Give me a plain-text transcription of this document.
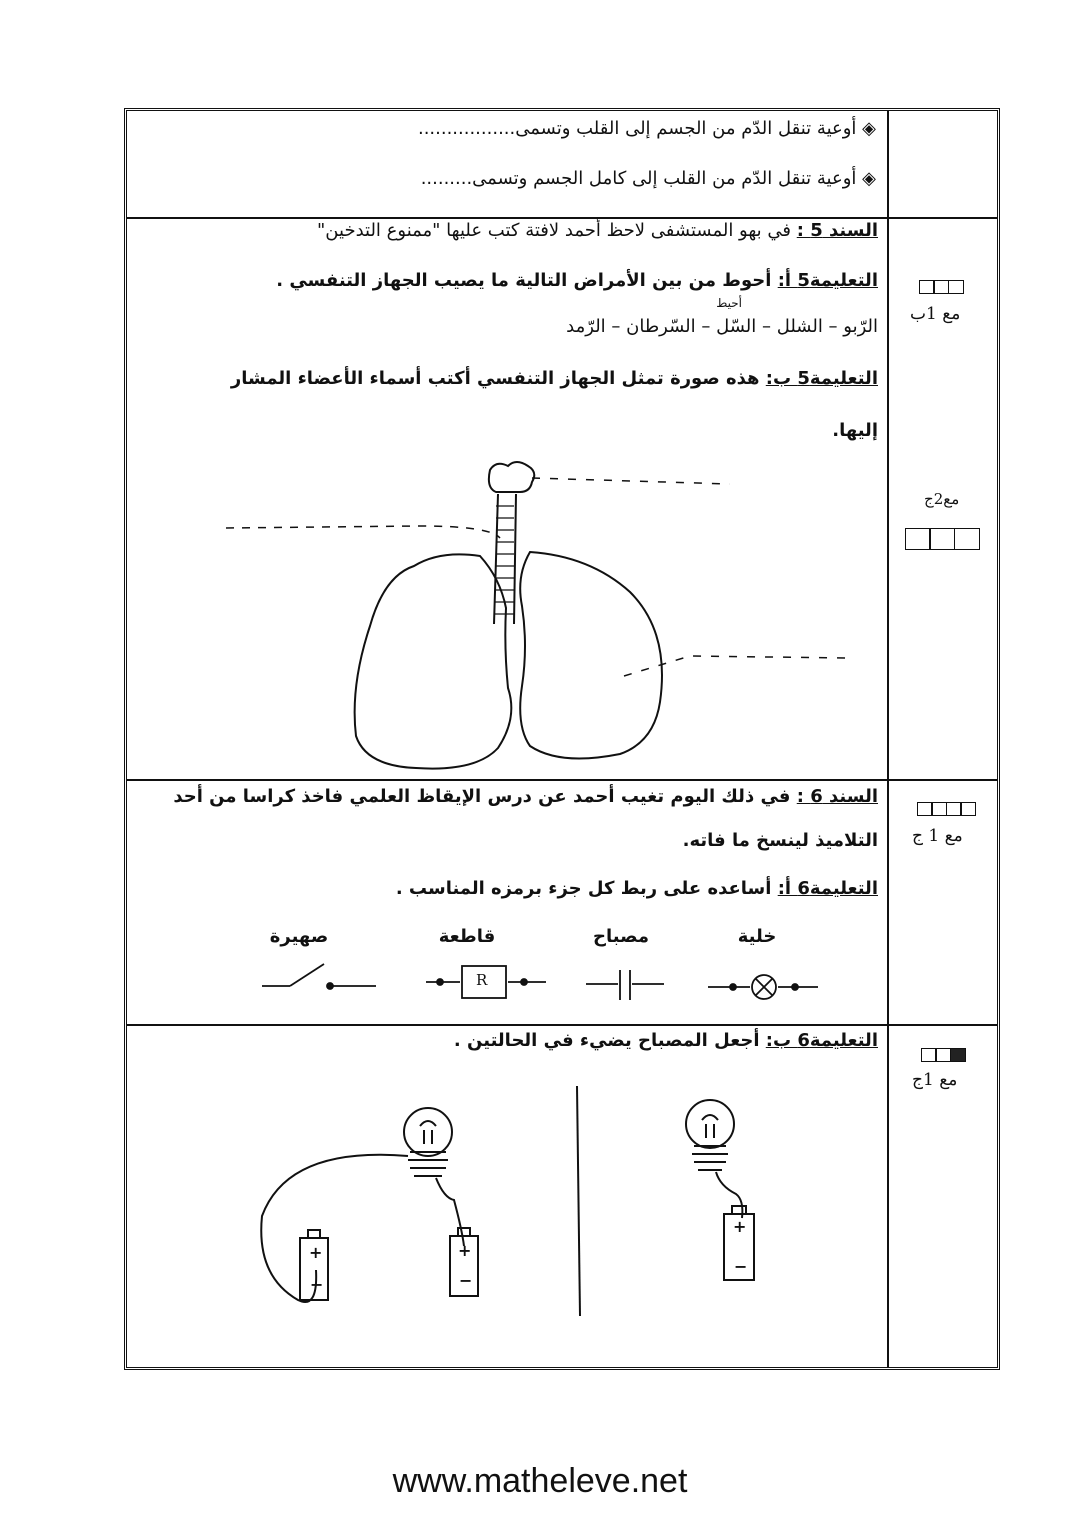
◈ أوعية تنقل الدّم من الجسم إلى القلب وتسمى.................
◈ أوعية تنقل الدّم من القلب إلى كامل الجسم وتسمى.........
السند 5 : في بهو المستشفى لاحظ أحمد لافتة كتب عليها "ممنوع التدخين"
التعليمة5 أ: أحوط من بين الأمراض التالية ما يصيب الجهاز التنفسي .
أحيط
الرّبو – الشلل – السّل – السّرطان – الرّمد
التعليمة5 ب: هذه صورة تمثل الجهاز التنفسي أكتب أسماء الأعضاء المشار
إليها.
مع 1ب
مع2ج
السند 6 : في ذلك اليوم تغيب أحمد عن درس الإيقاظ العلمي فاخذ كراسا من أحد
التلاميذ لينسخ ما فاته.
التعليمة6 أ: أساعده على ربط كل جزء برمزه المناسب .
مع 1 ج
خلية
مصباح
قاطعة
صهيرة
R
التعليمة6 ب: أجعل المصباح يضيء في الحالتين .
مع 1ج
+
−
+
−
+
−
www.matheleve.net
